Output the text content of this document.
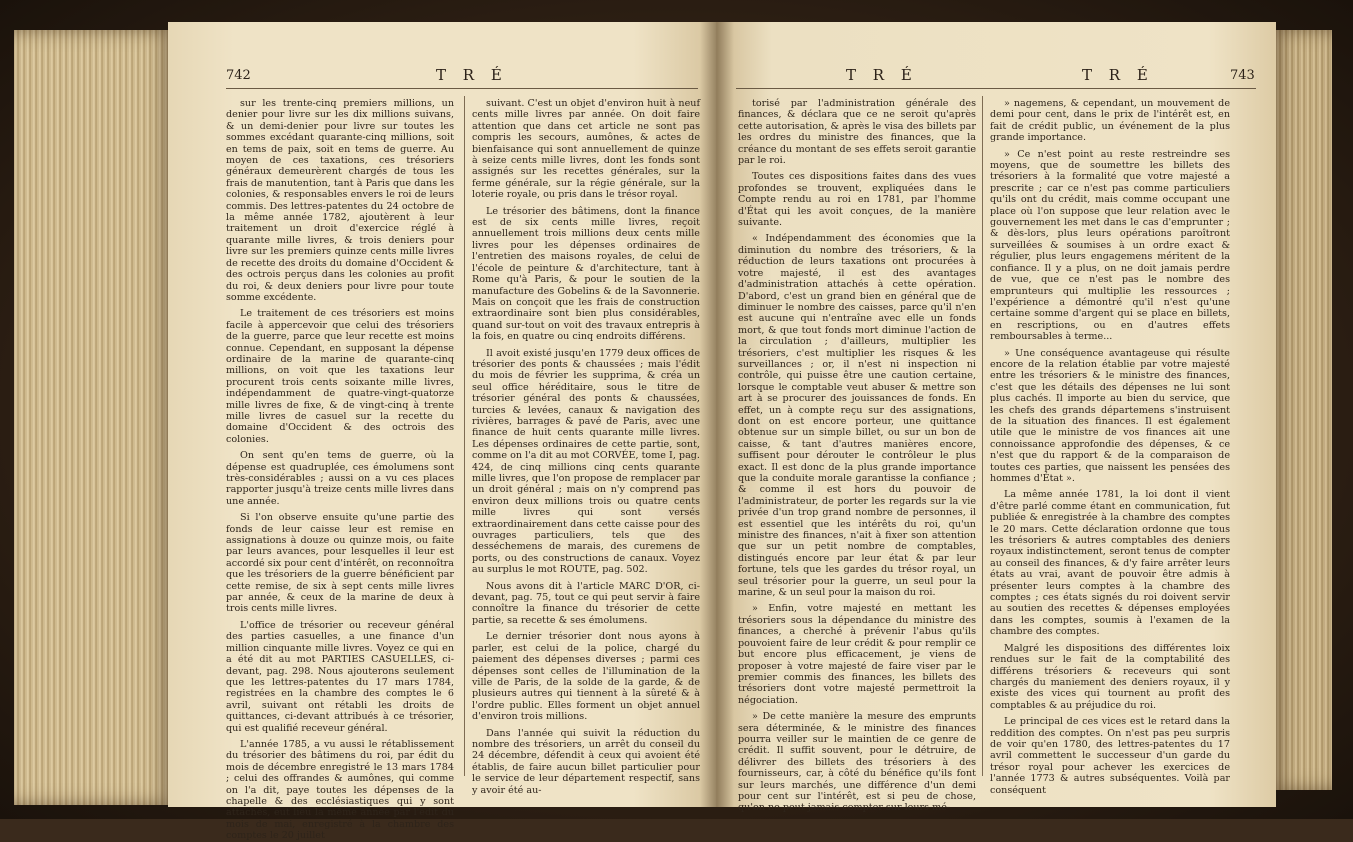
742	T R É

sur les trente-cinq premiers millions, un denier pour livre sur les dix millions suivans, & un demi-denier pour livre sur toutes les sommes excédant quarante-cinq millions, soit en tems de paix, soit en tems de guerre. Au moyen de ces taxations, ces trésoriers généraux demeurèrent chargés de tous les frais de manutention, tant à Paris que dans les colonies, & responsables envers le roi de leurs commis. Des lettres-patentes du 24 octobre de la même année 1782, ajoutèrent à leur traitement un droit d'exercice réglé à quarante mille livres, & trois deniers pour livre sur les premiers quinze cents mille livres de recette des droits du domaine d'Occident & des octrois perçus dans les colonies au profit du roi, & deux deniers pour livre pour toute somme excédente.

Le traitement de ces trésoriers est moins facile à appercevoir que celui des trésoriers de la guerre, parce que leur recette est moins connue. Cependant, en supposant la dépense ordinaire de la marine de quarante-cinq millions, on voit que les taxations leur procurent trois cents soixante mille livres, indépendamment de quatre-vingt-quatorze mille livres de fixe, & de vingt-cinq à trente mille livres de casuel sur la recette du domaine d'Occident & des octrois des colonies.

On sent qu'en tems de guerre, où la dépense est quadruplée, ces émolumens sont très-considérables ; aussi on a vu ces places rapporter jusqu'à treize cents mille livres dans une année.

Si l'on observe ensuite qu'une partie des fonds de leur caisse leur est remise en assignations à douze ou quinze mois, ou faite par leurs avances, pour lesquelles il leur est accordé six pour cent d'intérêt, on reconnoîtra que les trésoriers de la guerre bénéficient par cette remise, de six à sept cents mille livres par année, & ceux de la marine de deux à trois cents mille livres.

L'office de trésorier ou receveur général des parties casuelles, a une finance d'un million cinquante mille livres. Voyez ce qui en a été dit au mot PARTIES CASUELLES, ci-devant, pag. 298. Nous ajouterons seulement que les lettres-patentes du 17 mars 1784, registrées en la chambre des comptes le 6 avril, suivant ont rétabli les droits de quittances, ci-devant attribués à ce trésorier, qui est qualifié receveur général.

L'année 1785, a vu aussi le rétablissement du trésorier des bâtimens du roi, par édit du mois de décembre enregistré le 13 mars 1784 ; celui des offrandes & aumônes, qui comme on l'a dit, paye toutes les dépenses de la chapelle & des ecclésiastiques qui y sont attachés, eut lieu la même année par l'édit du mois de mai, enregistré à la chambre des comptes le 20 juillet

suivant. C'est un objet d'environ huit à neuf cents mille livres par année. On doit faire attention que dans cet article ne sont pas compris les secours, aumônes, & actes de bienfaisance qui sont annuellement de quinze à seize cents mille livres, dont les fonds sont assignés sur les recettes générales, sur la ferme générale, sur la régie générale, sur la loterie royale, ou pris dans le trésor royal.

Le trésorier des bâtimens, dont la finance est de six cents mille livres, reçoit annuellement trois millions deux cents mille livres pour les dépenses ordinaires de l'entretien des maisons royales, de celui de l'école de peinture & d'architecture, tant à Rome qu'à Paris, & pour le soutien de la manufacture des Gobelins & de la Savonnerie. Mais on conçoit que les frais de construction extraordinaire sont bien plus considérables, quand sur-tout on voit des travaux entrepris à la fois, en quatre ou cinq endroits différens.

Il avoit existé jusqu'en 1779 deux offices de trésorier des ponts & chaussées ; mais l'édit du mois de février les supprima, & créa un seul office héréditaire, sous le titre de trésorier général des ponts & chaussées, turcies & levées, canaux & navigation des rivières, barrages & pavé de Paris, avec une finance de huit cents quarante mille livres. Les dépenses ordinaires de cette partie, sont, comme on l'a dit au mot CORVÉE, tome I, pag. 424, de cinq millions cinq cents quarante mille livres, que l'on propose de remplacer par un droit général ; mais on n'y comprend pas environ deux millions trois ou quatre cents mille livres qui sont versés extraordinairement dans cette caisse pour des ouvrages particuliers, tels que des desséchemens de marais, des curemens de ports, ou des constructions de canaux. Voyez au surplus le mot ROUTE, pag. 502.

Nous avons dit à l'article MARC D'OR, ci-devant, pag. 75, tout ce qui peut servir à faire connoître la finance du trésorier de cette partie, sa recette & ses émolumens.

Le dernier trésorier dont nous ayons à parler, est celui de la police, chargé du paiement des dépenses diverses ; parmi ces dépenses sont celles de l'illumination de la ville de Paris, de la solde de la garde, & de plusieurs autres qui tiennent à la sûreté & à l'ordre public. Elles forment un objet annuel d'environ trois millions.

Dans l'année qui suivit la réduction du nombre des trésoriers, un arrêt du conseil du 24 décembre, défendit à ceux qui avoient été établis, de faire aucun billet particulier pour le service de leur département respectif, sans y avoir été au-

T R É	T R É	743

torisé par l'administration générale des finances, & déclara que ce ne seroit qu'après cette autorisation, & après le visa des billets par les ordres du ministre des finances, que la créance du montant de ses effets seroit garantie par le roi.

Toutes ces dispositions faites dans des vues profondes se trouvent, expliquées dans le Compte rendu au roi en 1781, par l'homme d'État qui les avoit conçues, de la manière suivante.

« Indépendamment des économies que la diminution du nombre des trésoriers, & la réduction de leurs taxations ont procurées à votre majesté, il est des avantages d'administration attachés à cette opération. D'abord, c'est un grand bien en général que de diminuer le nombre des caisses, parce qu'il n'en est aucune qui n'entraîne avec elle un fonds mort, & que tout fonds mort diminue l'action de la circulation ; d'ailleurs, multiplier les trésoriers, c'est multiplier les risques & les surveillances ; or, il n'est ni inspection ni contrôle, qui puisse être une caution certaine, lorsque le comptable veut abuser & mettre son art à se procurer des jouissances de fonds. En effet, un à compte reçu sur des assignations, dont on est encore porteur, une quittance obtenue sur un simple billet, ou sur un bon de caisse, & tant d'autres manières encore, suffisent pour dérouter le contrôleur le plus exact. Il est donc de la plus grande importance que la conduite morale garantisse la confiance ; & comme il est hors du pouvoir de l'administrateur, de porter les regards sur la vie privée d'un trop grand nombre de personnes, il est essentiel que les intérêts du roi, qu'un ministre des finances, n'ait à fixer son attention que sur un petit nombre de comptables, distingués encore par leur état & par leur fortune, tels que les gardes du trésor royal, un seul trésorier pour la guerre, un seul pour la marine, & un seul pour la maison du roi.

» Enfin, votre majesté en mettant les trésoriers sous la dépendance du ministre des finances, a cherché à prévenir l'abus qu'ils pouvoient faire de leur crédit & pour remplir ce but encore plus efficacement, je viens de proposer à votre majesté de faire viser par le premier commis des finances, les billets des trésoriers dont votre majesté permettroit la négociation.

» De cette manière la mesure des emprunts sera déterminée, & le ministre des finances pourra veiller sur le maintien de ce genre de crédit. Il suffit souvent, pour le détruire, de délivrer des billets des trésoriers à des fournisseurs, car, à côté du bénéfice qu'ils font sur leurs marchés, une différence d'un demi pour cent sur l'intérêt, est si peu de chose, qu'on ne peut jamais compter sur leurs mé-

» nagemens, & cependant, un mouvement de demi pour cent, dans le prix de l'intérêt est, en fait de crédit public, un événement de la plus grande importance.

» Ce n'est point au reste restreindre ses moyens, que de soumettre les billets des trésoriers à la formalité que votre majesté a prescrite ; car ce n'est pas comme particuliers qu'ils ont du crédit, mais comme occupant une place où l'on suppose que leur relation avec le gouvernement les met dans le cas d'emprunter ; & dès-lors, plus leurs opérations paroîtront surveillées & soumises à un ordre exact & régulier, plus leurs engagemens méritent de la confiance. Il y a plus, on ne doit jamais perdre de vue, que ce n'est pas le nombre des emprunteurs qui multiplie les ressources ; l'expérience a démontré qu'il n'est qu'une certaine somme d'argent qui se place en billets, en rescriptions, ou en d'autres effets remboursables à terme...

» Une conséquence avantageuse qui résulte encore de la relation établie par votre majesté entre les trésoriers & le ministre des finances, c'est que les détails des dépenses ne lui sont plus cachés. Il importe au bien du service, que les chefs des grands départemens s'instruisent de la situation des finances. Il est également utile que le ministre de vos finances ait une connoissance approfondie des dépenses, & ce n'est que du rapport & de la comparaison de toutes ces parties, que naissent les pensées des hommes d'État ».

La même année 1781, la loi dont il vient d'être parlé comme étant en communication, fut publiée & enregistrée à la chambre des comptes le 20 mars. Cette déclaration ordonne que tous les trésoriers & autres comptables des deniers royaux indistinctement, seront tenus de compter au conseil des finances, & d'y faire arrêter leurs états au vrai, avant de pouvoir être admis à présenter leurs comptes à la chambre des comptes ; ces états signés du roi doivent servir au soutien des recettes & dépenses employées dans les comptes, soumis à l'examen de la chambre des comptes.

Malgré les dispositions des différentes loix rendues sur le fait de la comptabilité des différens trésoriers & receveurs qui sont chargés du maniement des deniers royaux, il y existe des vices qui tournent au profit des comptables & au préjudice du roi.

Le principal de ces vices est le retard dans la reddition des comptes. On n'est pas peu surpris de voir qu'en 1780, des lettres-patentes du 17 avril commettent le successeur d'un garde du trésor royal pour achever les exercices de l'année 1773 & autres subséquentes. Voilà par conséquent
